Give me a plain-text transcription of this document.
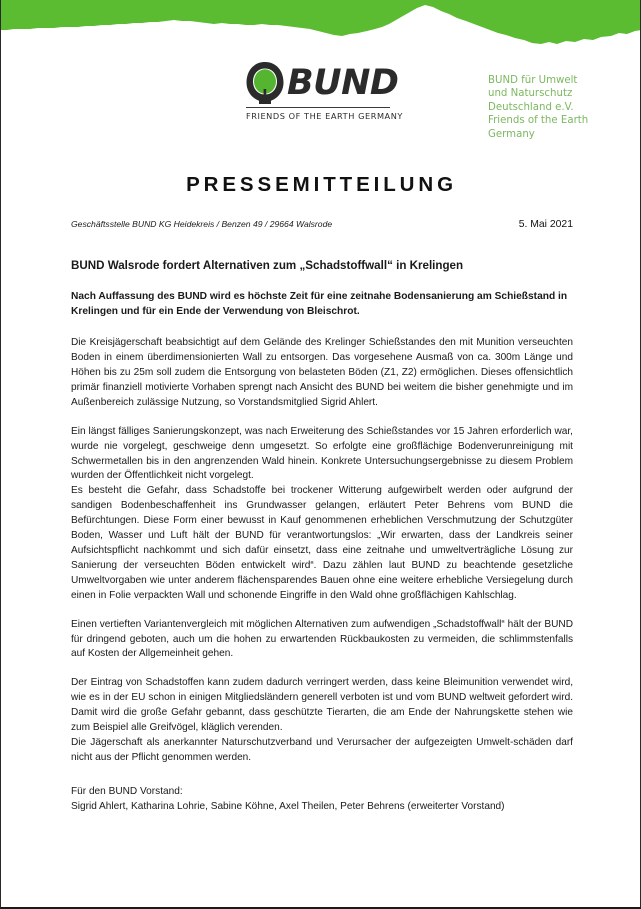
BUND
FRIENDS OF THE EARTH GERMANY
BUND für Umwelt
und Naturschutz
Deutschland e.V.
Friends of the Earth
Germany
PRESSEMITTEILUNG
Geschäftsstelle BUND KG Heidekreis / Benzen 49 / 29664 Walsrode	5. Mai 2021
BUND Walsrode fordert Alternativen zum „Schadstoffwall“ in Krelingen
Nach Auffassung des BUND wird es höchste Zeit für eine zeitnahe Bodensanierung am Schießstand in Krelingen und für ein Ende der Verwendung von Bleischrot.

Die Kreisjägerschaft beabsichtigt auf dem Gelände des Krelinger Schießstandes den mit Munition verseuchten Boden in einem überdimensionierten Wall zu entsorgen. Das vorgesehene Ausmaß von ca. 300m Länge und Höhen bis zu 25m soll zudem die Entsorgung von belasteten Böden (Z1, Z2) ermöglichen. Dieses offensichtlich primär finanziell motivierte Vorhaben sprengt nach Ansicht des BUND bei weitem die bisher genehmigte und im Außenbereich zulässige Nutzung, so Vorstandsmitglied Sigrid Ahlert.

Ein längst fälliges Sanierungskonzept, was nach Erweiterung des Schießstandes vor 15 Jahren erforderlich war, wurde nie vorgelegt, geschweige denn umgesetzt. So erfolgte eine großflächige Bodenverunreinigung mit Schwermetallen bis in den angrenzenden Wald hinein. Konkrete Untersuchungsergebnisse zu diesem Problem wurden der Öffentlichkeit nicht vorgelegt.

Es besteht die Gefahr, dass Schadstoffe bei trockener Witterung aufgewirbelt werden oder aufgrund der sandigen Bodenbeschaffenheit ins Grundwasser gelangen, erläutert Peter Behrens vom BUND die Befürchtungen. Diese Form einer bewusst in Kauf genommenen erheblichen Verschmutzung der Schutzgüter Boden, Wasser und Luft hält der BUND für verantwortungslos: „Wir erwarten, dass der Landkreis seiner Aufsichtspflicht nachkommt und sich dafür einsetzt, dass eine zeitnahe und umweltverträgliche Lösung zur Sanierung der verseuchten Böden entwickelt wird“. Dazu zählen laut BUND zu beachtende gesetzliche Umweltvorgaben wie unter anderem flächensparendes Bauen ohne eine weitere erhebliche Versiegelung durch einen in Folie verpackten Wall und schonende Eingriffe in den Wald ohne großflächigen Kahlschlag.

Einen vertieften Variantenvergleich mit möglichen Alternativen zum aufwendigen „Schadstoffwall“ hält der BUND für dringend geboten, auch um die hohen zu erwartenden Rückbaukosten zu vermeiden, die schlimmstenfalls auf Kosten der Allgemeinheit gehen.

Der Eintrag von Schadstoffen kann zudem dadurch verringert werden, dass keine Bleimunition verwendet wird, wie es in der EU schon in einigen Mitgliedsländern generell verboten ist und vom BUND weltweit gefordert wird. Damit wird die große Gefahr gebannt, dass geschützte Tierarten, die am Ende der Nahrungskette stehen wie zum Beispiel alle Greifvögel, kläglich verenden.

Die Jägerschaft als anerkannter Naturschutzverband und Verursacher der aufgezeigten Umwelt-schäden darf nicht aus der Pflicht genommen werden.

Für den BUND Vorstand:
Sigrid Ahlert, Katharina Lohrie, Sabine Köhne, Axel Theilen, Peter Behrens (erweiterter Vorstand)
